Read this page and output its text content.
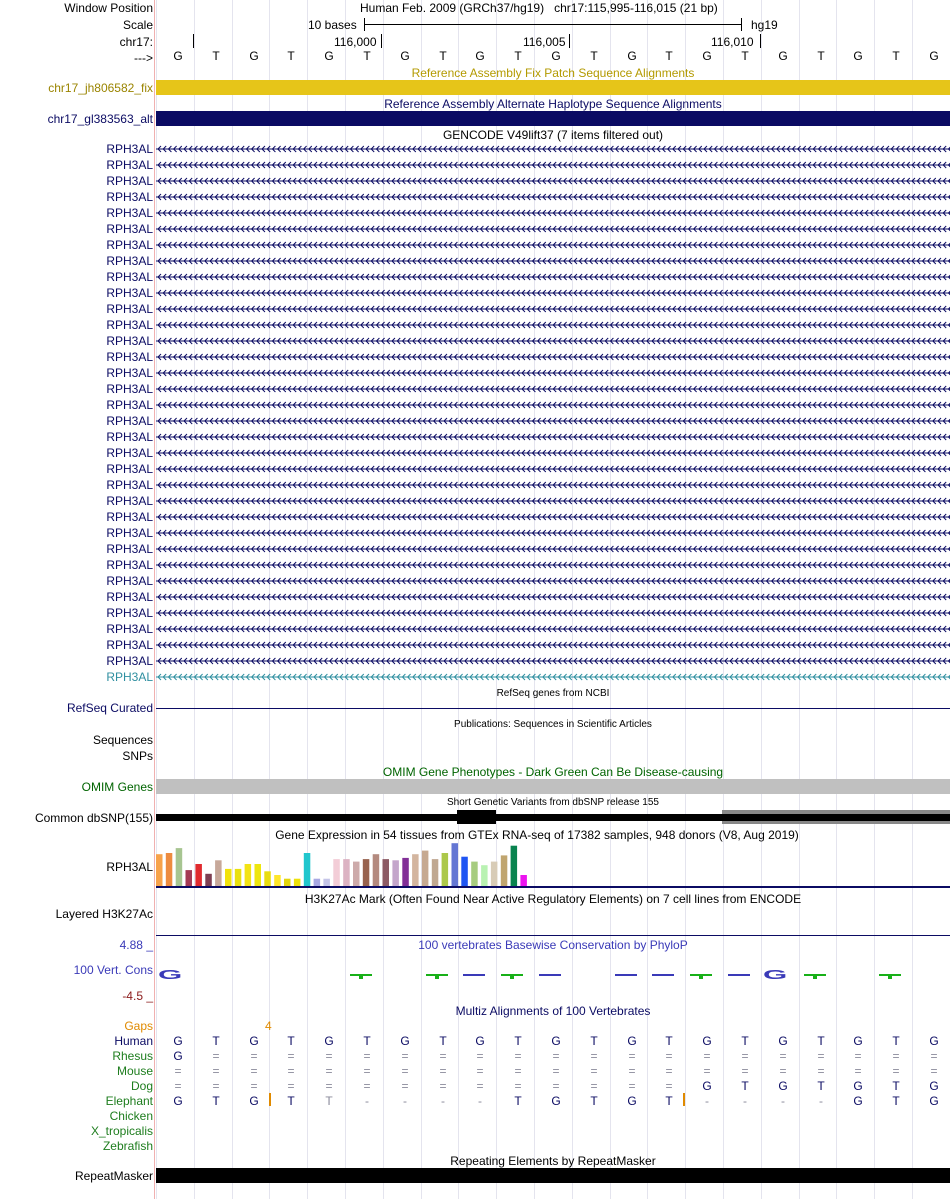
Window Position	Human Feb. 2009 (GRCh37/hg19) chr17:115,995-116,015 (21 bp)
Scale	10 bases	hg19
chr17:	116,000	116,005	116,010
--->	G	T	G	T	G	T	G	T	G	T	G	T	G	T	G	T	G	T	G	T	G
Reference Assembly Fix Patch Sequence Alignments
chr17_jh806582_fix
Reference Assembly Alternate Haplotype Sequence Alignments
chr17_gl383563_alt
GENCODE V49lift37 (7 items filtered out)
RPH3AL
RPH3AL
RPH3AL
RPH3AL
RPH3AL
RPH3AL
RPH3AL
RPH3AL
RPH3AL
RPH3AL
RPH3AL
RPH3AL
RPH3AL
RPH3AL
RPH3AL
RPH3AL
RPH3AL
RPH3AL
RPH3AL
RPH3AL
RPH3AL
RPH3AL
RPH3AL
RPH3AL
RPH3AL
RPH3AL
RPH3AL
RPH3AL
RPH3AL
RPH3AL
RPH3AL
RPH3AL
RPH3AL
RPH3AL
RefSeq genes from NCBI
RefSeq Curated
Publications: Sequences in Scientific Articles
Sequences
SNPs
OMIM Gene Phenotypes - Dark Green Can Be Disease-causing
OMIM Genes
Short Genetic Variants from dbSNP release 155
Common dbSNP(155)
Gene Expression in 54 tissues from GTEx RNA-seq of 17382 samples, 948 donors (V8, Aug 2019)
RPH3AL
H3K27Ac Mark (Often Found Near Active Regulatory Elements) on 7 cell lines from ENCODE
Layered H3K27Ac
100 vertebrates Basewise Conservation by PhyloP
4.88 _
100 Vert. Cons
-4.5 _
G	G
Multiz Alignments of 100 Vertebrates
Gaps	4
Human	G	T	G	T	G	T	G	T	G	T	G	T	G	T	G	T	G	T	G	T	G
Rhesus	G	=	=	=	=	=	=	=	=	=	=	=	=	=	=	=	=	=	=	=	=
Mouse	=	=	=	=	=	=	=	=	=	=	=	=	=	=	=	=	=	=	=	=	=
Dog	=	=	=	=	=	=	=	=	=	=	=	=	=	=	G	T	G	T	G	T	G
Elephant	G	T	G	T	T	-	-	-	-	T	G	T	G	T	-	-	-	-	G	T	G
Chicken
X_tropicalis
Zebrafish
Repeating Elements by RepeatMasker
RepeatMasker
